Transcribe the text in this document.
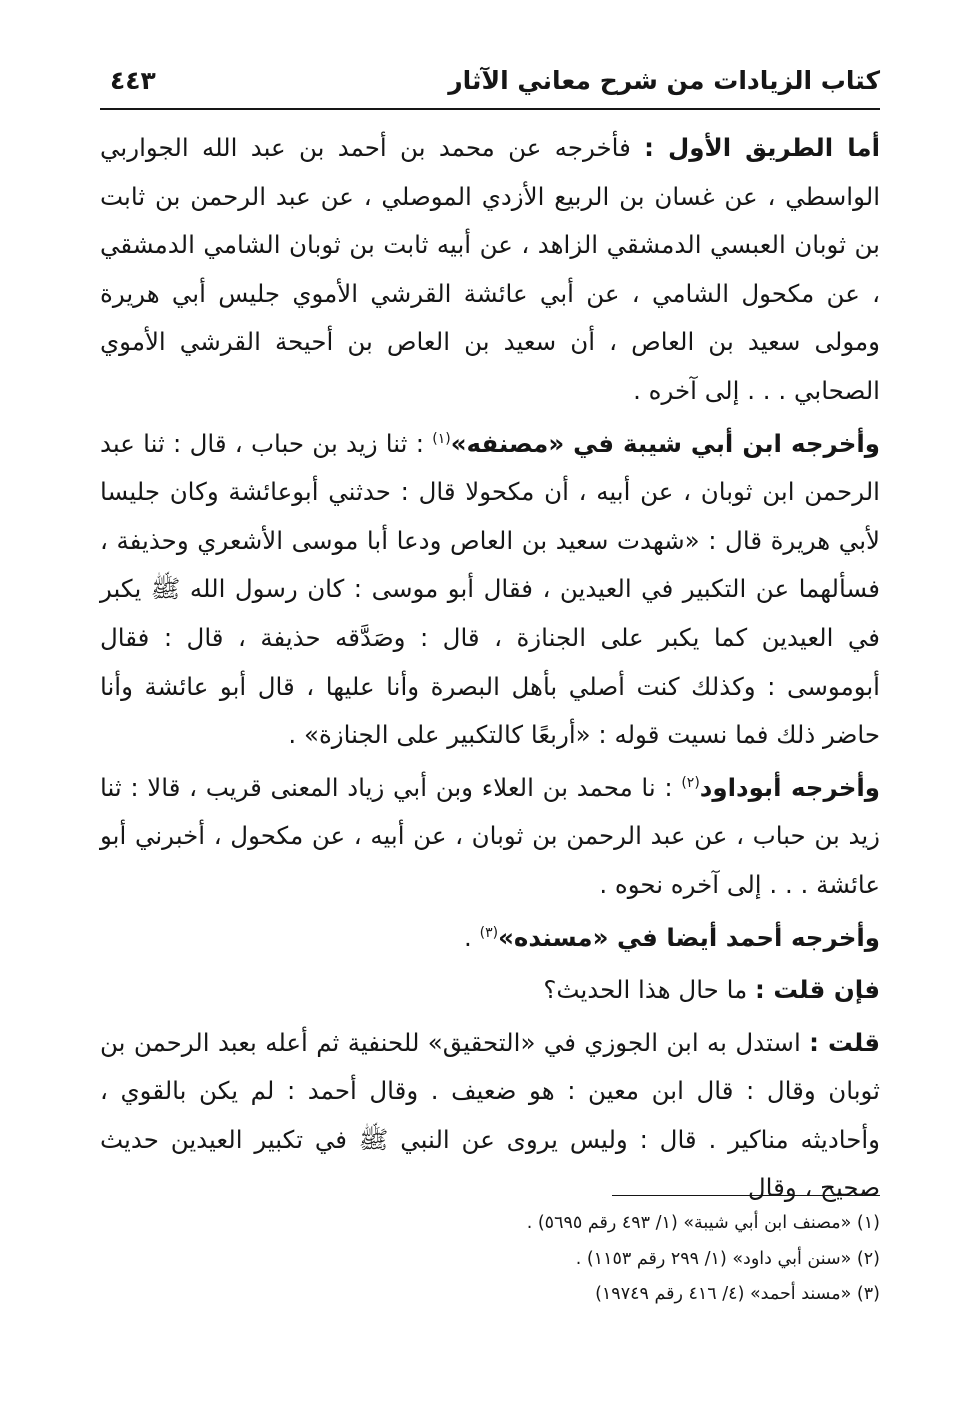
كتاب الزيادات من شرح معاني الآثار
٤٤٣

أما الطريق الأول : فأخرجه عن محمد بن أحمد بن عبد الله الجواربي الواسطي ، عن غسان بن الربيع الأزدي الموصلي ، عن عبد الرحمن بن ثابت بن ثوبان العبسي الدمشقي الزاهد ، عن أبيه ثابت بن ثوبان الشامي الدمشقي ، عن مكحول الشامي ، عن أبي عائشة القرشي الأموي جليس أبي هريرة ومولى سعيد بن العاص ، أن سعيد بن العاص بن أحيحة القرشي الأموي الصحابي . . . إلى آخره .

وأخرجه ابن أبي شيبة في «مصنفه»$^{(١)}$ : ثنا زيد بن حباب ، قال : ثنا عبد الرحمن ابن ثوبان ، عن أبيه ، أن مكحولا قال : حدثني أبوعائشة وكان جليسا لأبي هريرة قال : «شهدت سعيد بن العاص ودعا أبا موسى الأشعري وحذيفة ، فسألهما عن التكبير في العيدين ، فقال أبو موسى : كان رسول الله ﷺ يكبر في العيدين كما يكبر على الجنازة ، قال : وصَدَّقه حذيفة ، قال : فقال أبوموسى : وكذلك كنت أصلي بأهل البصرة وأنا عليها ، قال أبو عائشة وأنا حاضر ذلك فما نسيت قوله : «أربعًا كالتكبير على الجنازة» .

وأخرجه أبوداود$^{(٢)}$ : نا محمد بن العلاء وبن أبي زياد المعنى قريب ، قالا : ثنا زيد بن حباب ، عن عبد الرحمن بن ثوبان ، عن أبيه ، عن مكحول ، أخبرني أبو عائشة . . . إلى آخره نحوه .

وأخرجه أحمد أيضا في «مسنده»$^{(٣)}$ .

فإن قلت : ما حال هذا الحديث؟

قلت : استدل به ابن الجوزي في «التحقيق» للحنفية ثم أعله بعبد الرحمن بن ثوبان وقال : قال ابن معين : هو ضعيف . وقال أحمد : لم يكن بالقوي ، وأحاديثه مناكير . قال : وليس يروى عن النبي ﷺ في تكبير العيدين حديث صحيح ، وقال

(١) «مصنف ابن أبي شيبة» (١/ ٤٩٣ رقم ٥٦٩٥) .
(٢) «سنن أبي داود» (١/ ٢٩٩ رقم ١١٥٣) .
(٣) «مسند أحمد» (٤/ ٤١٦ رقم ١٩٧٤٩)
